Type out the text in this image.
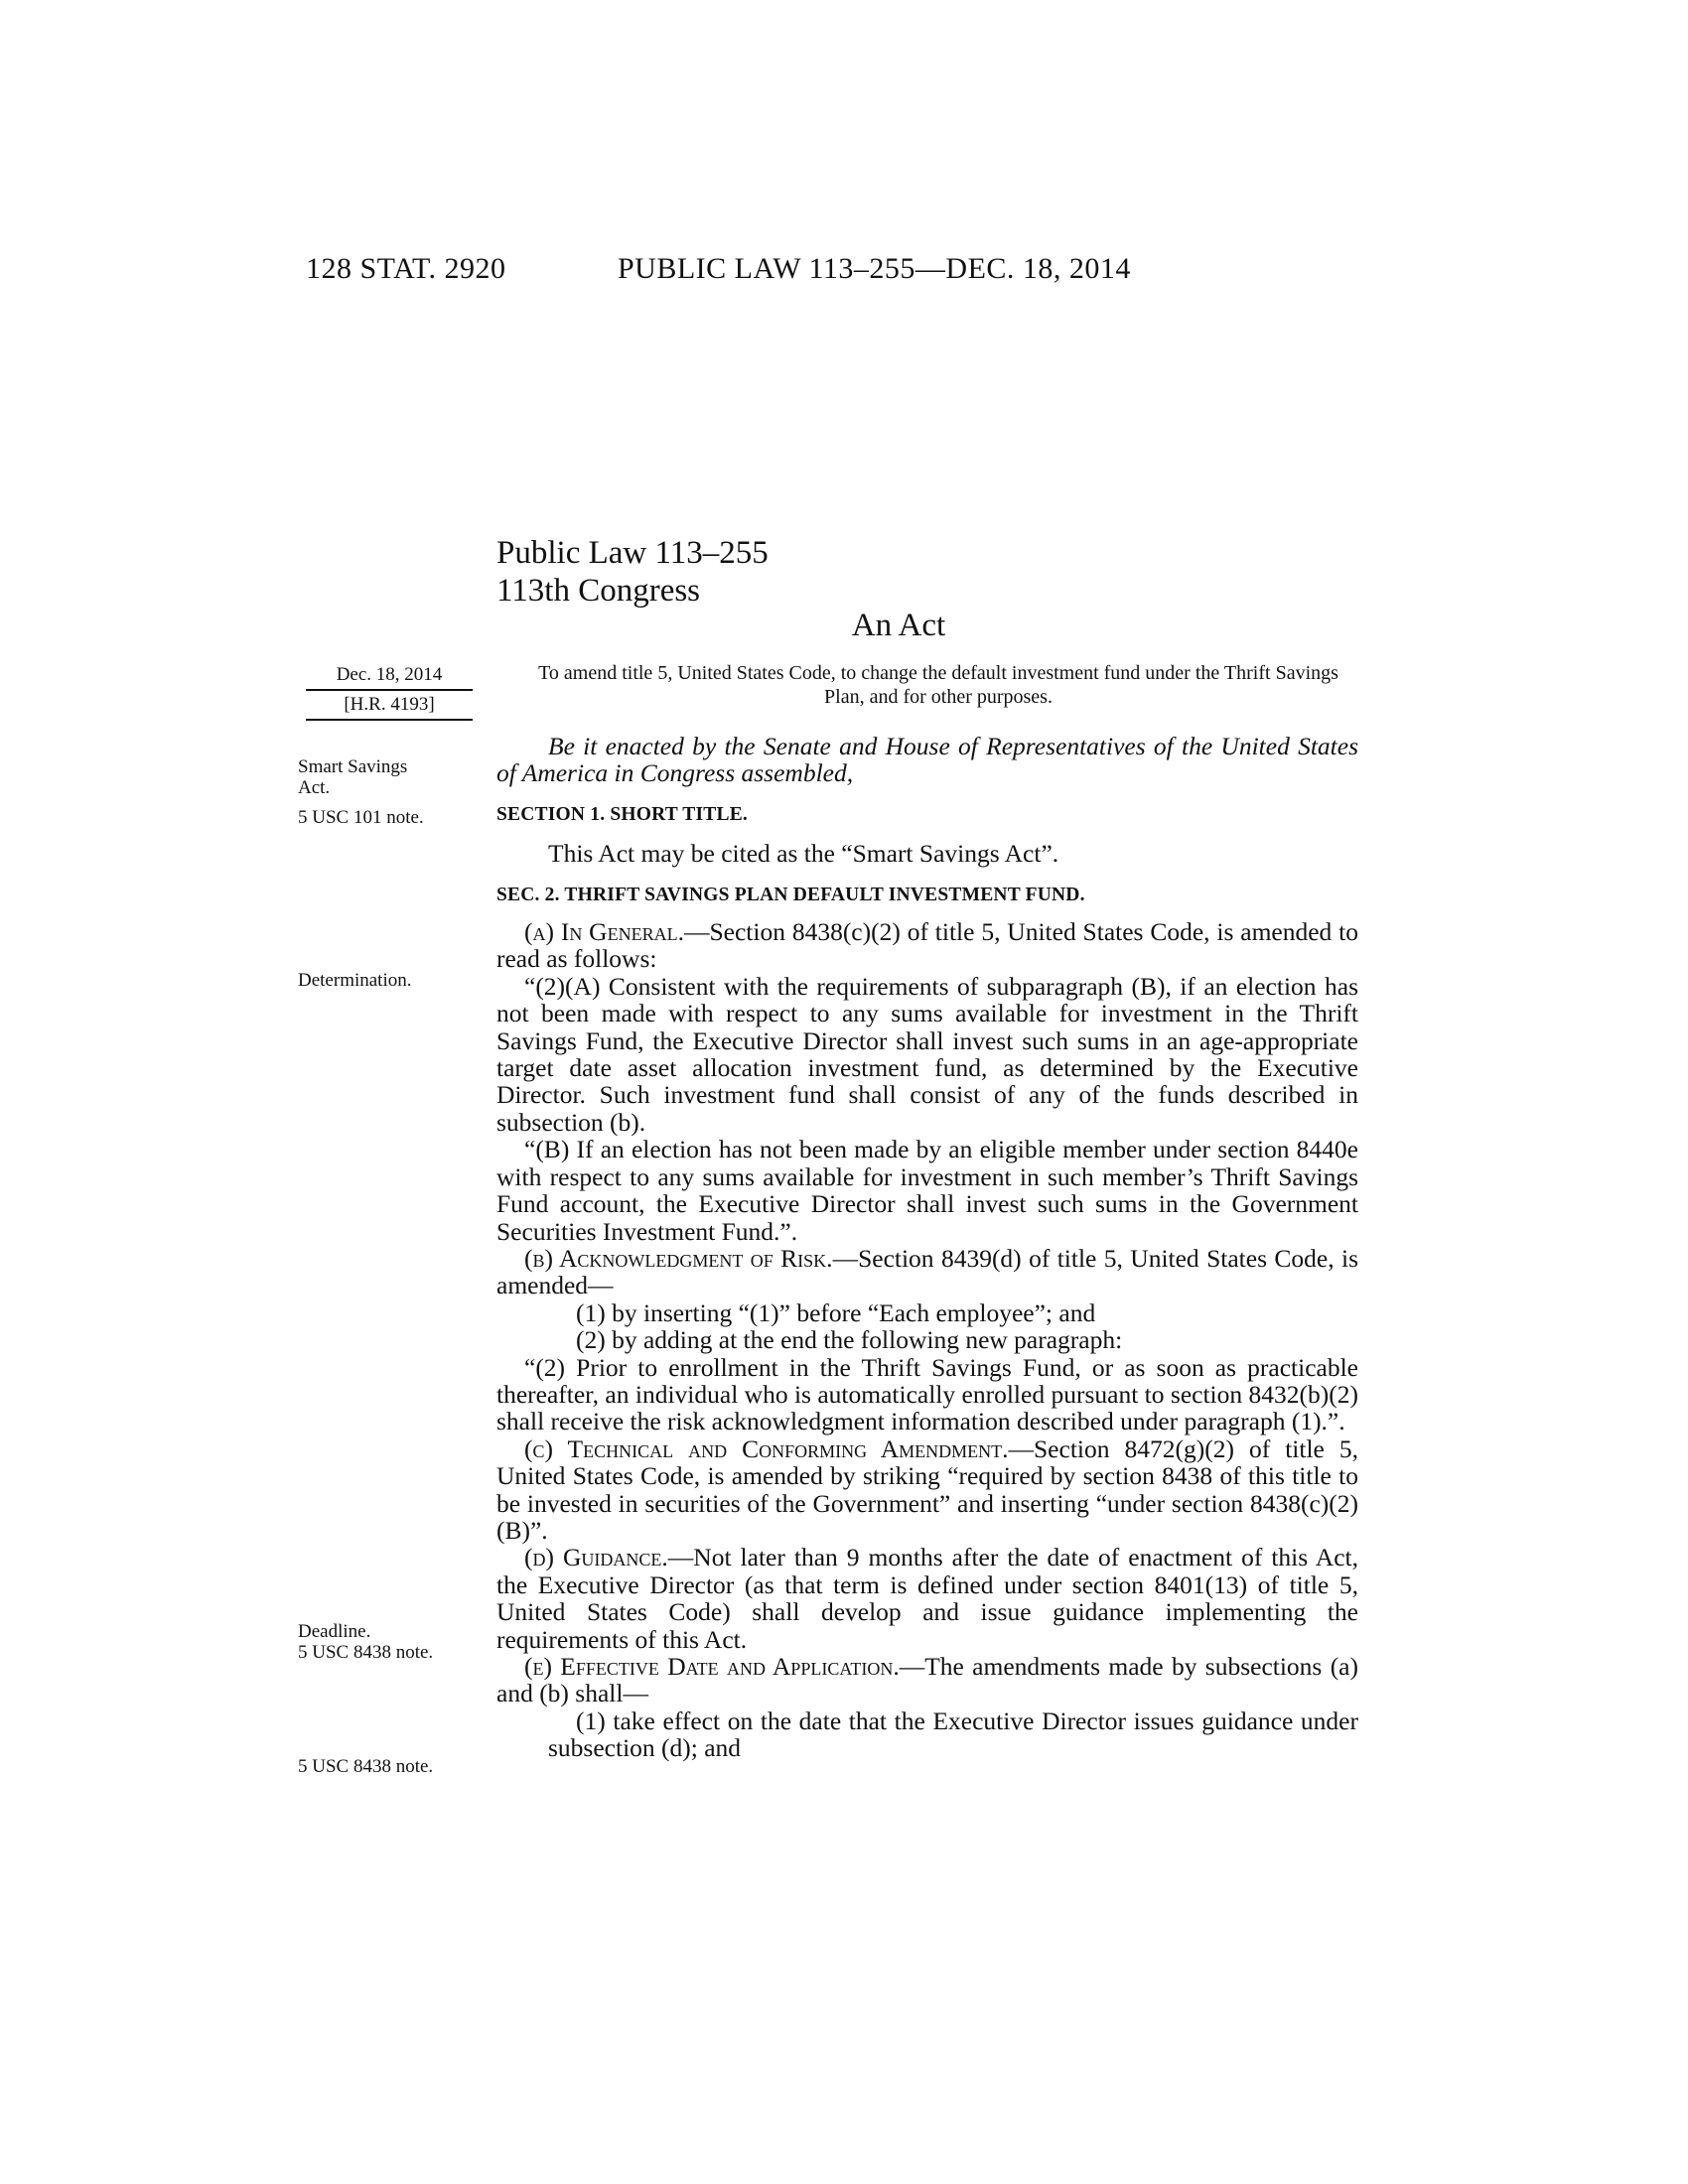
128 STAT. 2920	PUBLIC LAW 113–255—DEC. 18, 2014
Public Law 113–255
113th Congress
An Act
Dec. 18, 2014
[H.R. 4193]
To amend title 5, United States Code, to change the default investment fund under the Thrift Savings Plan, and for other purposes.
Smart Savings Act.
5 USC 101 note.
Determination.
Deadline.
5 USC 8438 note.
5 USC 8438 note.

Be it enacted by the Senate and House of Representatives of the United States of America in Congress assembled,

SECTION 1. SHORT TITLE.

This Act may be cited as the “Smart Savings Act”.

SEC. 2. THRIFT SAVINGS PLAN DEFAULT INVESTMENT FUND.

(a) In General.—Section 8438(c)(2) of title 5, United States Code, is amended to read as follows:

“(2)(A) Consistent with the requirements of subparagraph (B), if an election has not been made with respect to any sums available for investment in the Thrift Savings Fund, the Executive Director shall invest such sums in an age-appropriate target date asset allocation investment fund, as determined by the Executive Director. Such investment fund shall consist of any of the funds described in subsection (b).

“(B) If an election has not been made by an eligible member under section 8440e with respect to any sums available for investment in such member’s Thrift Savings Fund account, the Executive Director shall invest such sums in the Government Securities Investment Fund.”.

(b) Acknowledgment of Risk.—Section 8439(d) of title 5, United States Code, is amended—

(1) by inserting “(1)” before “Each employee”; and

(2) by adding at the end the following new paragraph:

“(2) Prior to enrollment in the Thrift Savings Fund, or as soon as practicable thereafter, an individual who is automatically enrolled pursuant to section 8432(b)(2) shall receive the risk acknowledgment information described under paragraph (1).”.

(c) Technical and Conforming Amendment.—Section 8472(g)(2) of title 5, United States Code, is amended by striking “required by section 8438 of this title to be invested in securities of the Government” and inserting “under section 8438(c)(2)(B)”.

(d) Guidance.—Not later than 9 months after the date of enactment of this Act, the Executive Director (as that term is defined under section 8401(13) of title 5, United States Code) shall develop and issue guidance implementing the requirements of this Act.

(e) Effective Date and Application.—The amendments made by subsections (a) and (b) shall—

(1) take effect on the date that the Executive Director issues guidance under subsection (d); and
